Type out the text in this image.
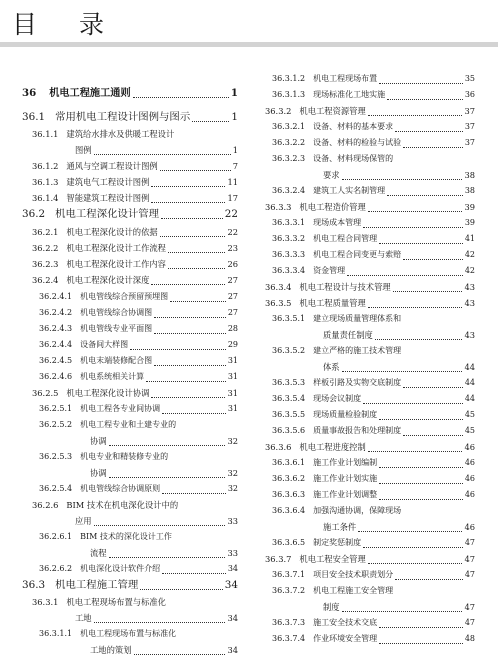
目录
36 机电工程施工通则	1
36.1 常用机电工程设计图例与图示	1
36.1.1 建筑给水排水及供暖工程设计
图例	1
36.1.2 通风与空调工程设计图例	7
36.1.3 建筑电气工程设计图例	11
36.1.4 智能建筑工程设计图例	17
36.2 机电工程深化设计管理	22
36.2.1 机电工程深化设计的依据	22
36.2.2 机电工程深化设计工作流程	23
36.2.3 机电工程深化设计工作内容	26
36.2.4 机电工程深化设计深度	27
36.2.4.1 机电管线综合预留预埋图	27
36.2.4.2 机电管线综合协调图	27
36.2.4.3 机电管线专业平面图	28
36.2.4.4 设备间大样图	29
36.2.4.5 机电末端装修配合图	31
36.2.4.6 机电系统相关计算	31
36.2.5 机电工程深化设计协调	31
36.2.5.1 机电工程各专业间协调	31
36.2.5.2 机电工程专业和土建专业的
协调	32
36.2.5.3 机电专业和精装修专业的
协调	32
36.2.5.4 机电管线综合协调原则	32
36.2.6 BIM 技术在机电深化设计中的
应用	33
36.2.6.1 BIM 技术的深化设计工作
流程	33
36.2.6.2 机电深化设计软件介绍	34
36.3 机电工程施工管理	34
36.3.1 机电工程现场布置与标准化
工地	34
36.3.1.1 机电工程现场布置与标准化
工地的策划	34
36.3.1.2 机电工程现场布置	35
36.3.1.3 现场标准化工地实施	36
36.3.2 机电工程资源管理	37
36.3.2.1 设备、材料的基本要求	37
36.3.2.2 设备、材料的检验与试验	37
36.3.2.3 设备、材料现场保管的
要求	38
36.3.2.4 建筑工人实名制管理	38
36.3.3 机电工程造价管理	39
36.3.3.1 现场成本管理	39
36.3.3.2 机电工程合同管理	41
36.3.3.3 机电工程合同变更与索赔	42
36.3.3.4 资金管理	42
36.3.4 机电工程设计与技术管理	43
36.3.5 机电工程质量管理	43
36.3.5.1 建立现场质量管理体系和
质量责任制度	43
36.3.5.2 建立严格的施工技术管理
体系	44
36.3.5.3 样板引路及实物交底制度	44
36.3.5.4 现场会议制度	44
36.3.5.5 现场质量检验制度	45
36.3.5.6 质量事故报告和处理制度	45
36.3.6 机电工程进度控制	46
36.3.6.1 施工作业计划编制	46
36.3.6.2 施工作业计划实施	46
36.3.6.3 施工作业计划调整	46
36.3.6.4 加强沟通协调，保障现场
施工条件	46
36.3.6.5 制定奖惩制度	47
36.3.7 机电工程安全管理	47
36.3.7.1 项目安全技术职责划分	47
36.3.7.2 机电工程施工安全管理
制度	47
36.3.7.3 施工安全技术交底	47
36.3.7.4 作业环境安全管理	48
